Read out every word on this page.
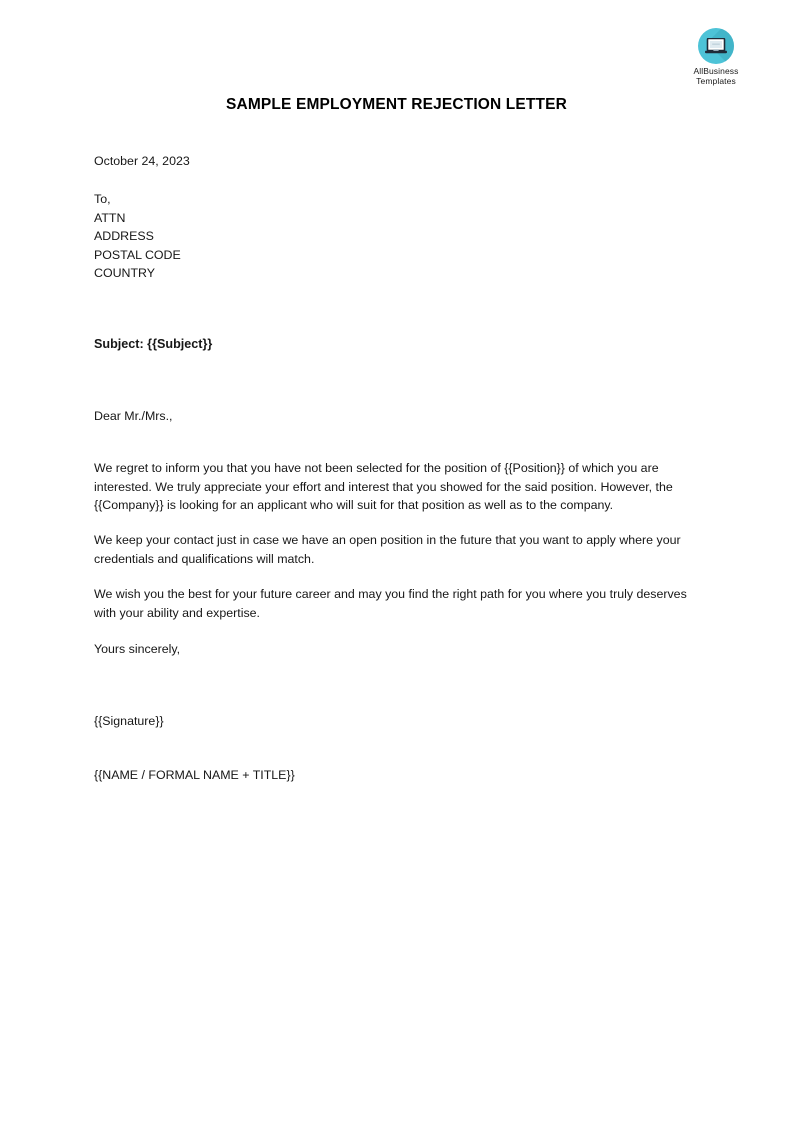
AllBusiness
Templates
SAMPLE EMPLOYMENT REJECTION LETTER

October 24, 2023

To,
ATTN
ADDRESS
POSTAL CODE
COUNTRY

Subject: {{Subject}}

Dear Mr./Mrs.,

We regret to inform you that you have not been selected for the position of {{Position}} of which you are interested. We truly appreciate your effort and interest that you showed for the said position. However, the {{Company}} is looking for an applicant who will suit for that position as well as to the company.

We keep your contact just in case we have an open position in the future that you want to apply where your credentials and qualifications will match.

We wish you the best for your future career and may you find the right path for you where you truly deserves with your ability and expertise.

Yours sincerely,

{{Signature}}

{{NAME / FORMAL NAME + TITLE}}
